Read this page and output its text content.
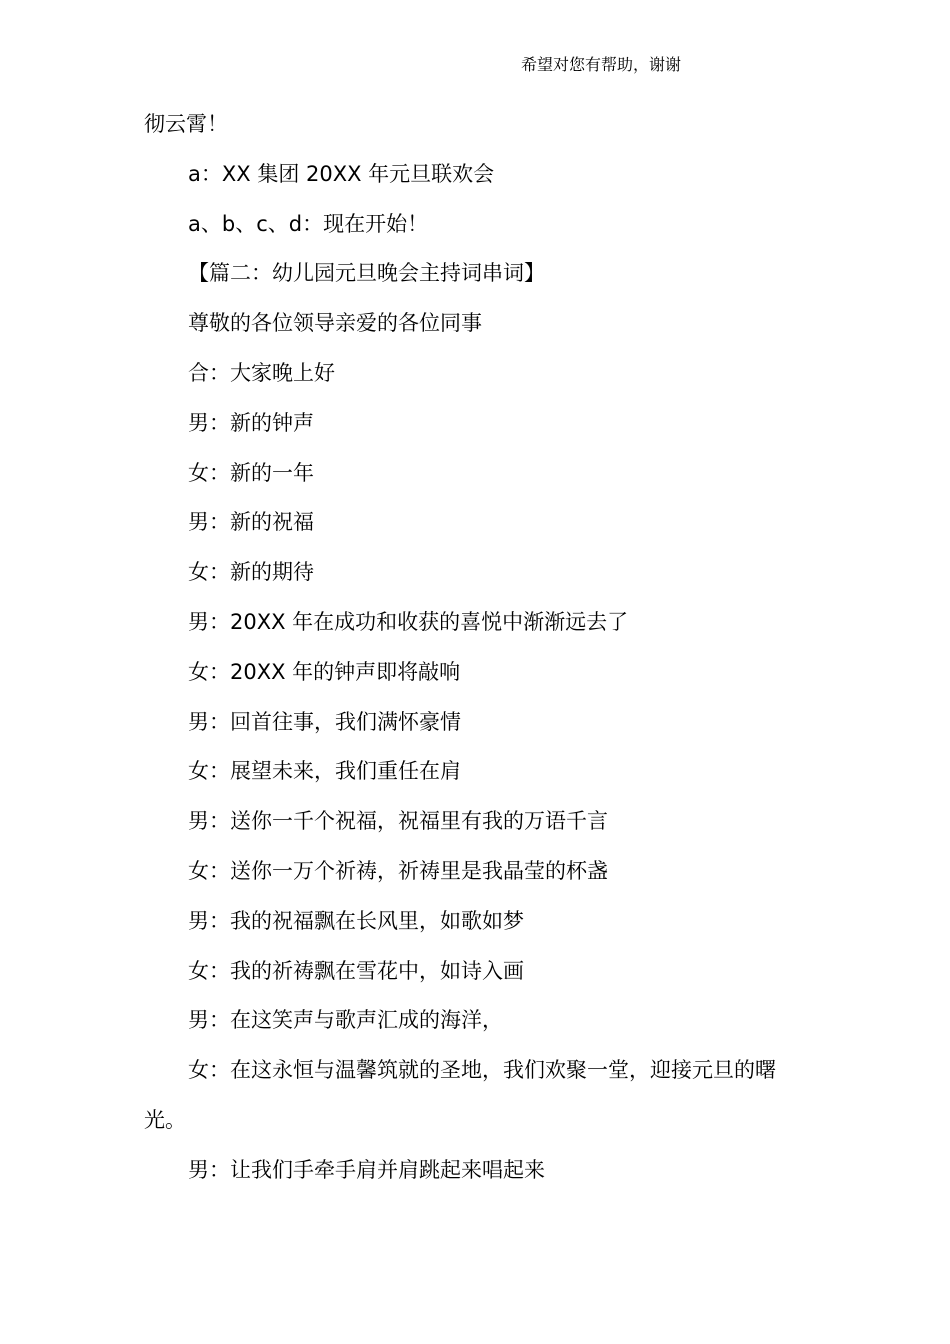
希望对您有帮助，谢谢
彻云霄！
a：XX 集团 20XX 年元旦联欢会
a、b、c、d：现在开始！
【篇二：幼儿园元旦晚会主持词串词】
尊敬的各位领导亲爱的各位同事
合：大家晚上好
男：新的钟声
女：新的一年
男：新的祝福
女：新的期待
男：20XX 年在成功和收获的喜悦中渐渐远去了
女：20XX 年的钟声即将敲响
男：回首往事，我们满怀豪情
女：展望未来，我们重任在肩
男：送你一千个祝福，祝福里有我的万语千言
女：送你一万个祈祷，祈祷里是我晶莹的杯盏
男：我的祝福飘在长风里，如歌如梦
女：我的祈祷飘在雪花中，如诗入画
男：在这笑声与歌声汇成的海洋，
女：在这永恒与温馨筑就的圣地，我们欢聚一堂，迎接元旦的曙
光。
男：让我们手牵手肩并肩跳起来唱起来
